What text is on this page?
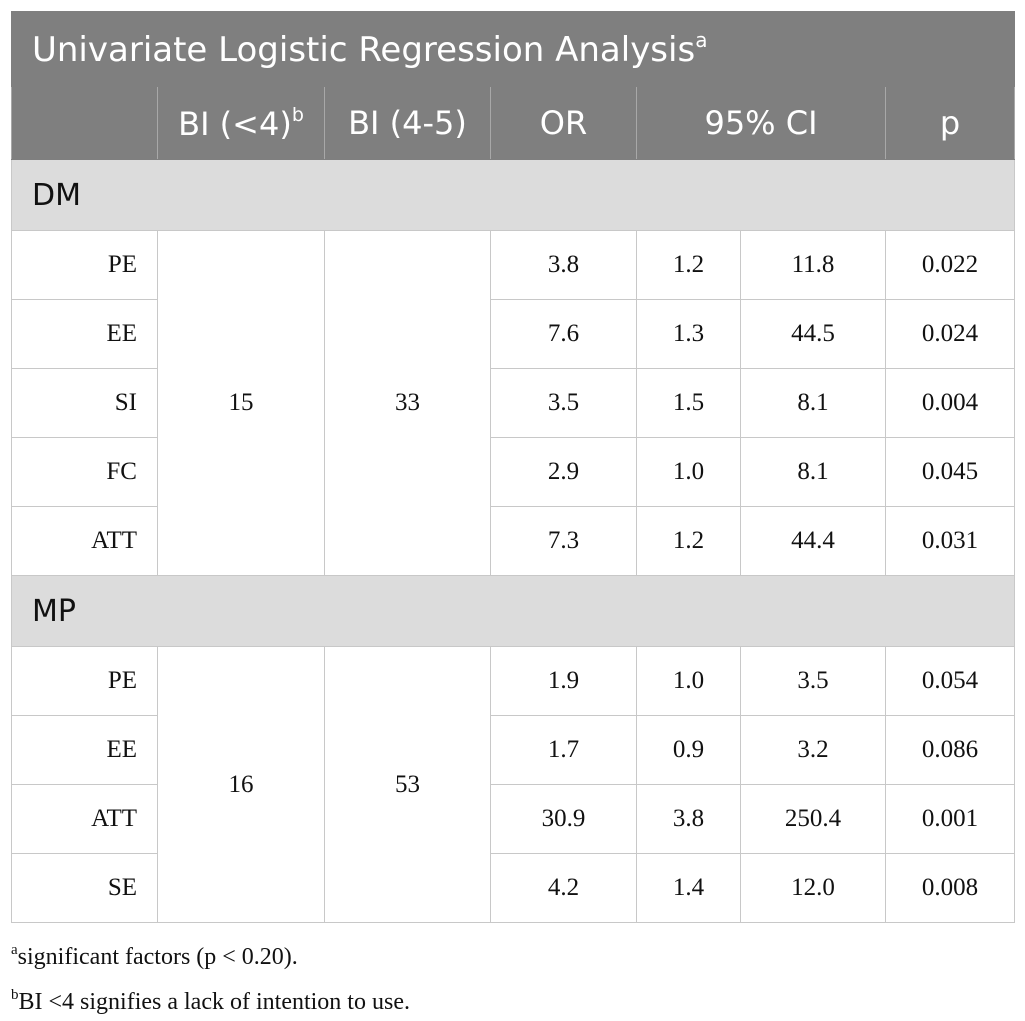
Univariate Logistic Regression Analysis$^a$
	BI (<4)$^b$	BI (4-5)	OR	95% CI		p
DM						
PE	15	33	3.8	1.2	11.8	0.022
EE			7.6	1.3	44.5	0.024
SI			3.5	1.5	8.1	0.004
FC			2.9	1.0	8.1	0.045
ATT			7.3	1.2	44.4	0.031
MP						
PE	16	53	1.9	1.0	3.5	0.054
EE			1.7	0.9	3.2	0.086
ATT			30.9	3.8	250.4	0.001
SE			4.2	1.4	12.0	0.008
$^a$significant factors (p < 0.20).
$^b$BI <4 signifies a lack of intention to use.
